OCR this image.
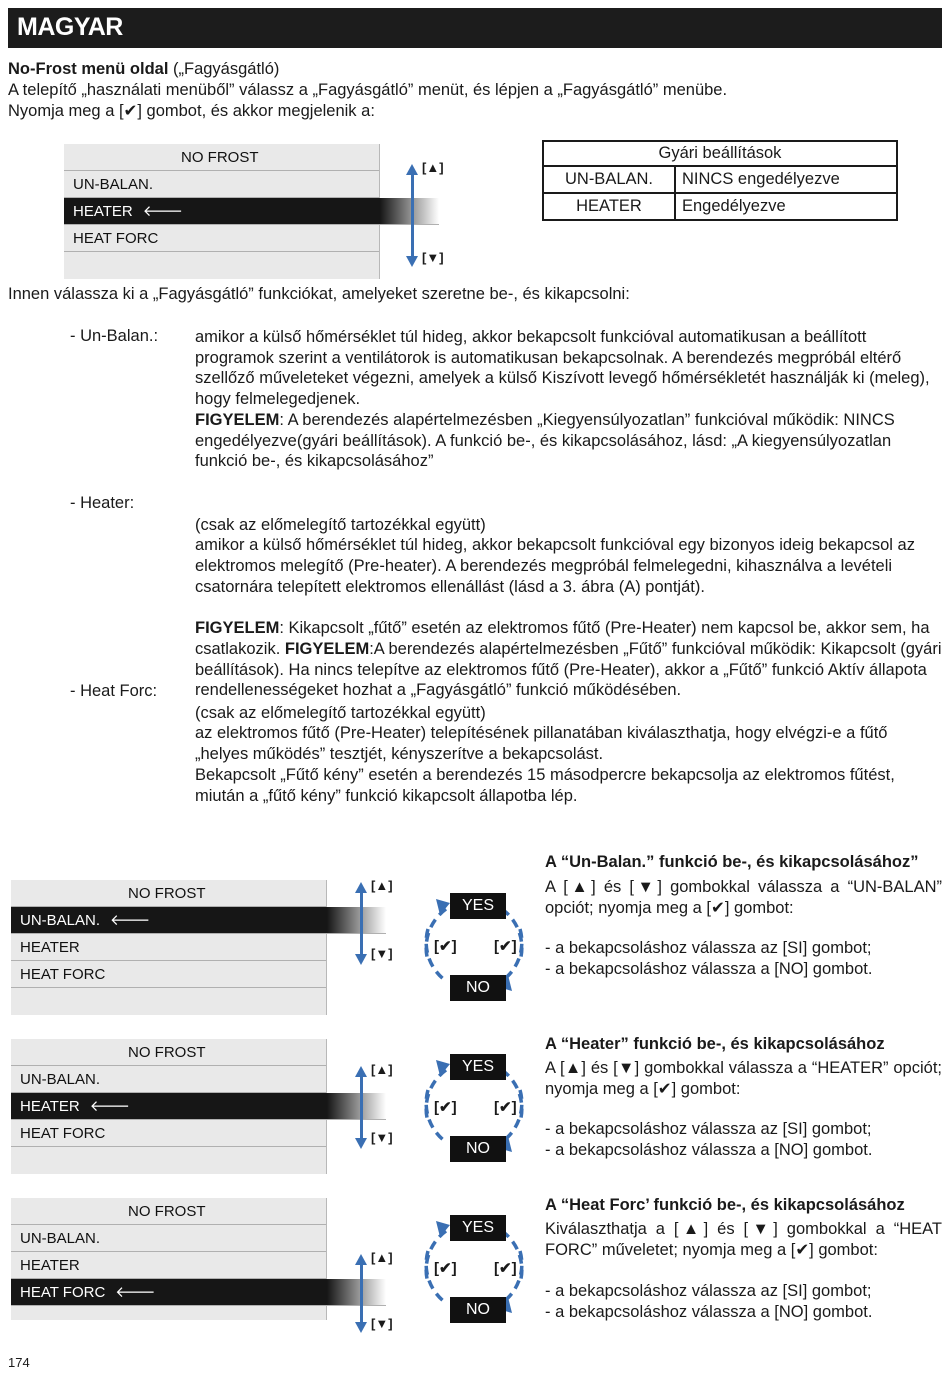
MAGYAR
No-Frost menü oldal („Fagyásgátló)
A telepítő „használati menüből” válassz a „Fagyásgátló” menüt, és lépjen a „Fagyásgátló” menübe.
Nyomja meg a [✔] gombot, és akkor megjelenik a:
NO FROST
UN-BALAN.
HEATER 🡐
HEAT FORC
[▲]
[▼]
Gyári beállítások	
UN-BALAN.	NINCS engedélyezve
HEATER	Engedélyezve
Innen válassza ki a „Fagyásgátló” funkciókat, amelyeket szeretne be-, és kikapcsolni:
- Un-Balan.: amikor a külső hőmérséklet túl hideg, akkor bekapcsolt funkcióval automatikusan a beállított programok szerint a ventilátorok is automatikusan bekapcsolnak. A berendezés megpróbál eltérő szellőző műveleteket végezni, amelyek a külső Kiszívott levegő hőmérsékletét használják ki (meleg), hogy felmelegedjenek.
FIGYELEM: A berendezés alapértelmezésben „Kiegyensúlyozatlan” funkcióval működik: NINCS engedélyezve(gyári beállítások). A funkció be-, és kikapcsolásához, lásd: „A kiegyensúlyozatlan funkció be-, és kikapcsolásához”
- Heater:

(csak az előmelegítő tartozékkal együtt)
amikor a külső hőmérséklet túl hideg, akkor bekapcsolt funkcióval egy bizonyos ideig bekapcsol az elektromos melegítő (Pre-heater). A berendezés megpróbál felmelegedni, kihasználva a levételi csatornára telepített elektromos ellenállást (lásd a 3. ábra (A) pontját).

FIGYELEM: Kikapcsolt „fűtő” esetén az elektromos fűtő (Pre-Heater) nem kapcsol be, akkor sem, ha csatlakozik. FIGYELEM:A berendezés alapértelmezésben „Fűtő” funkcióval működik: Kikapcsolt (gyári beállítások). Ha nincs telepítve az elektromos fűtő (Pre-Heater), akkor a „Fűtő” funkció Aktív állapota rendellenességeket hozhat a „Fagyásgátló” funkció működésében.

- Heat Forc:

(csak az előmelegítő tartozékkal együtt)
az elektromos fűtő (Pre-Heater) telepítésének pillanatában kiválaszthatja, hogy elvégzi-e a fűtő „helyes működés” tesztjét, kényszerítve a bekapcsolást.
Bekapcsolt „Fűtő kény” esetén a berendezés 15 másodpercre bekapcsolja az elektromos fűtést, miután a „fűtő kény” funkció kikapcsolt állapotba lép.

NO FROST
UN-BALAN. 🡐
HEATER
HEAT FORC
[▲]
[▼]
YES
[✔] [✔]
NO
A “Un-Balan.” funkció be-, és kikapcsolásához”
A [▲] és [▼] gombokkal válassza a “UN-BALAN” opciót; nyomja meg a [✔] gombot:
- a bekapcsoláshoz válassza az [SI] gombot;
- a bekapcsoláshoz válassza a [NO] gombot.
NO FROST
UN-BALAN.
HEATER 🡐
HEAT FORC
[▲]
[▼]
YES
[✔] [✔]
NO
A “Heater” funkció be-, és kikapcsolásához
A [▲] és [▼] gombokkal válassza a “HEATER” opciót; nyomja meg a [✔] gombot:
- a bekapcsoláshoz válassza az [SI] gombot;
- a bekapcsoláshoz válassza a [NO] gombot.
NO FROST
UN-BALAN.
HEATER
HEAT FORC 🡐
[▲]
[▼]
YES
[✔] [✔]
NO
A “Heat Forc’ funkció be-, és kikapcsolásához
Kiválaszthatja a [▲] és [▼] gombokkal a “HEAT FORC” műveletet; nyomja meg a [✔] gombot:
- a bekapcsoláshoz válassza az [SI] gombot;
- a bekapcsoláshoz válassza a [NO] gombot.
174
